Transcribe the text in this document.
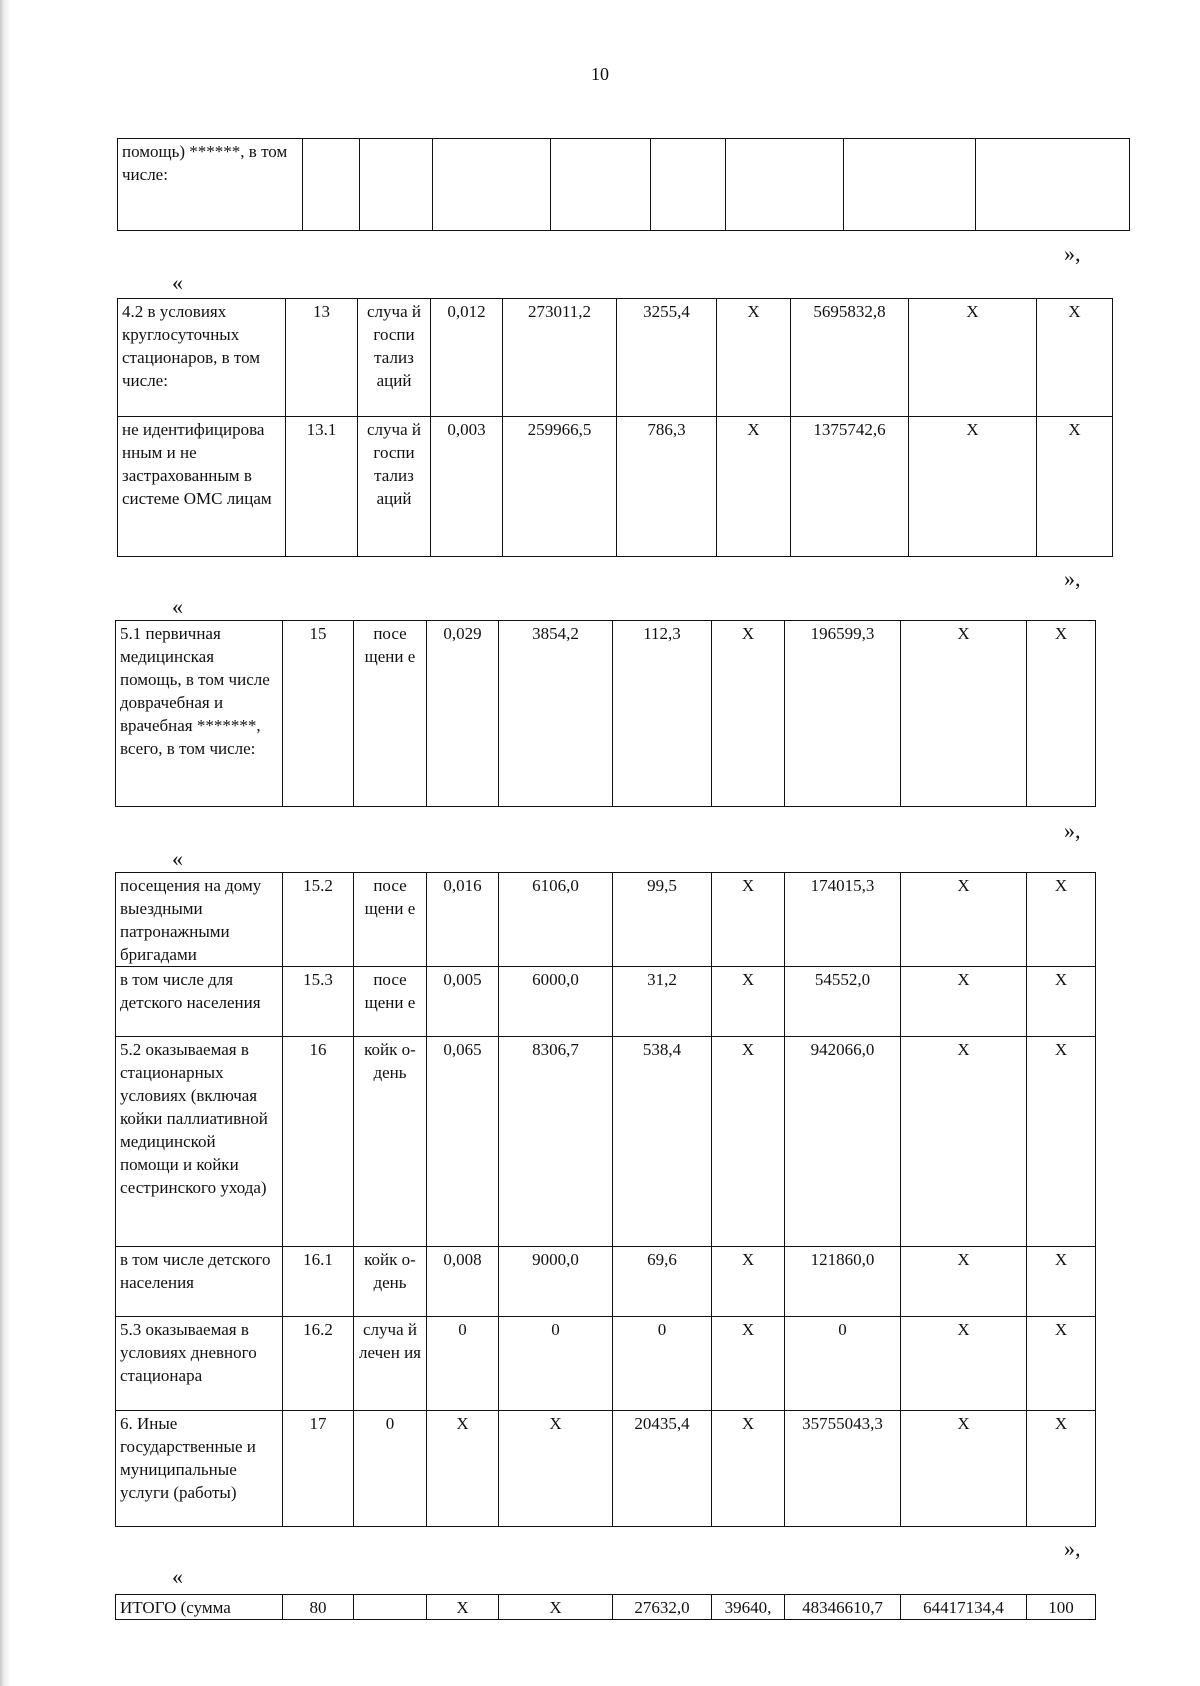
10
помощь) ******, в том числе:								
»,
«
4.2 в условиях круглосуточных стационаров, в том числе:	13	случа й госпи тализ аций	0,012	273011,2	3255,4	X	5695832,8	X	X
не идентифицирова нным и не застрахованным в системе ОМС лицам	13.1	случа й госпи тализ аций	0,003	259966,5	786,3	X	1375742,6	X	X
»,
«
5.1 первичная медицинская помощь, в том числе доврачебная и врачебная *******, всего, в том числе:	15	посе щени е	0,029	3854,2	112,3	X	196599,3	X	X
»,
«
посещения на дому выездными патронажными бригадами	15.2	посе щени е	0,016	6106,0	99,5	X	174015,3	X	X
в том числе для детского населения	15.3	посе щени е	0,005	6000,0	31,2	X	54552,0	X	X
5.2 оказываемая в стационарных условиях (включая койки паллиативной медицинской помощи и койки сестринского ухода)	16	койк о- день	0,065	8306,7	538,4	X	942066,0	X	X
в том числе детского населения	16.1	койк о- день	0,008	9000,0	69,6	X	121860,0	X	X
5.3 оказываемая в условиях дневного стационара	16.2	случа й лечен ия	0	0	0	X	0	X	X
6. Иные государственные и муниципальные услуги (работы)	17	0	X	X	20435,4	X	35755043,3	X	X
»,
«
ИТОГО (сумма	80		X	X	27632,0	39640,	48346610,7	64417134,4	100
